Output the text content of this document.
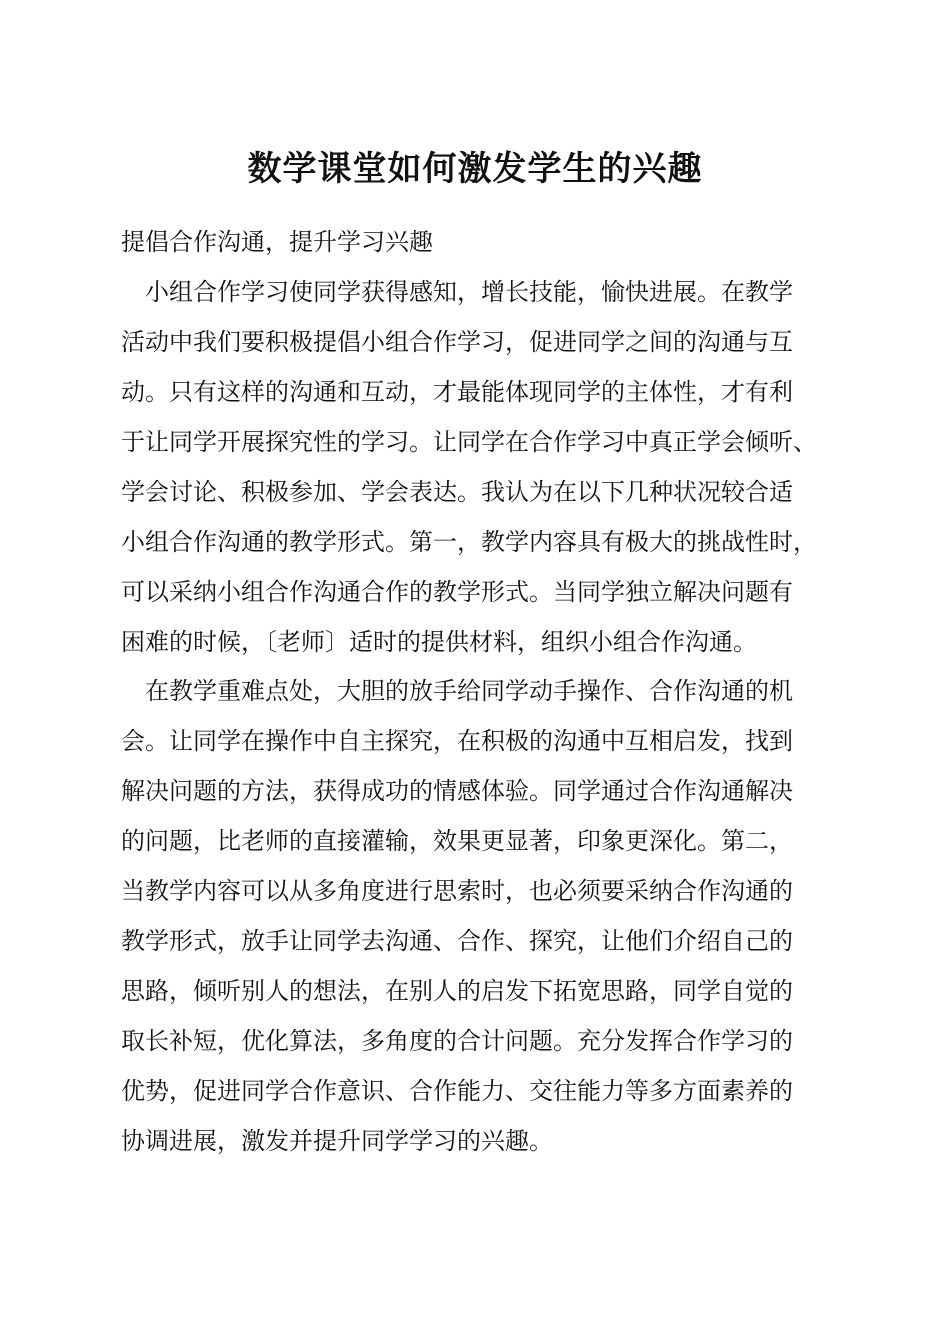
数学课堂如何激发学生的兴趣

提倡合作沟通，提升学习兴趣

小组合作学习使同学获得感知，增长技能，愉快进展。在教学
活动中我们要积极提倡小组合作学习，促进同学之间的沟通与互
动。只有这样的沟通和互动，才最能体现同学的主体性，才有利
于让同学开展探究性的学习。让同学在合作学习中真正学会倾听、
学会讨论、积极参加、学会表达。我认为在以下几种状况较合适
小组合作沟通的教学形式。第一，教学内容具有极大的挑战性时，
可以采纳小组合作沟通合作的教学形式。当同学独立解决问题有
困难的时候，〔老师〕适时的提供材料，组织小组合作沟通。
在教学重难点处，大胆的放手给同学动手操作、合作沟通的机
会。让同学在操作中自主探究，在积极的沟通中互相启发，找到
解决问题的方法，获得成功的情感体验。同学通过合作沟通解决
的问题，比老师的直接灌输，效果更显著，印象更深化。第二，
当教学内容可以从多角度进行思索时，也必须要采纳合作沟通的
教学形式，放手让同学去沟通、合作、探究，让他们介绍自己的
思路，倾听别人的想法，在别人的启发下拓宽思路，同学自觉的
取长补短，优化算法，多角度的合计问题。充分发挥合作学习的
优势，促进同学合作意识、合作能力、交往能力等多方面素养的
协调进展，激发并提升同学学习的兴趣。
